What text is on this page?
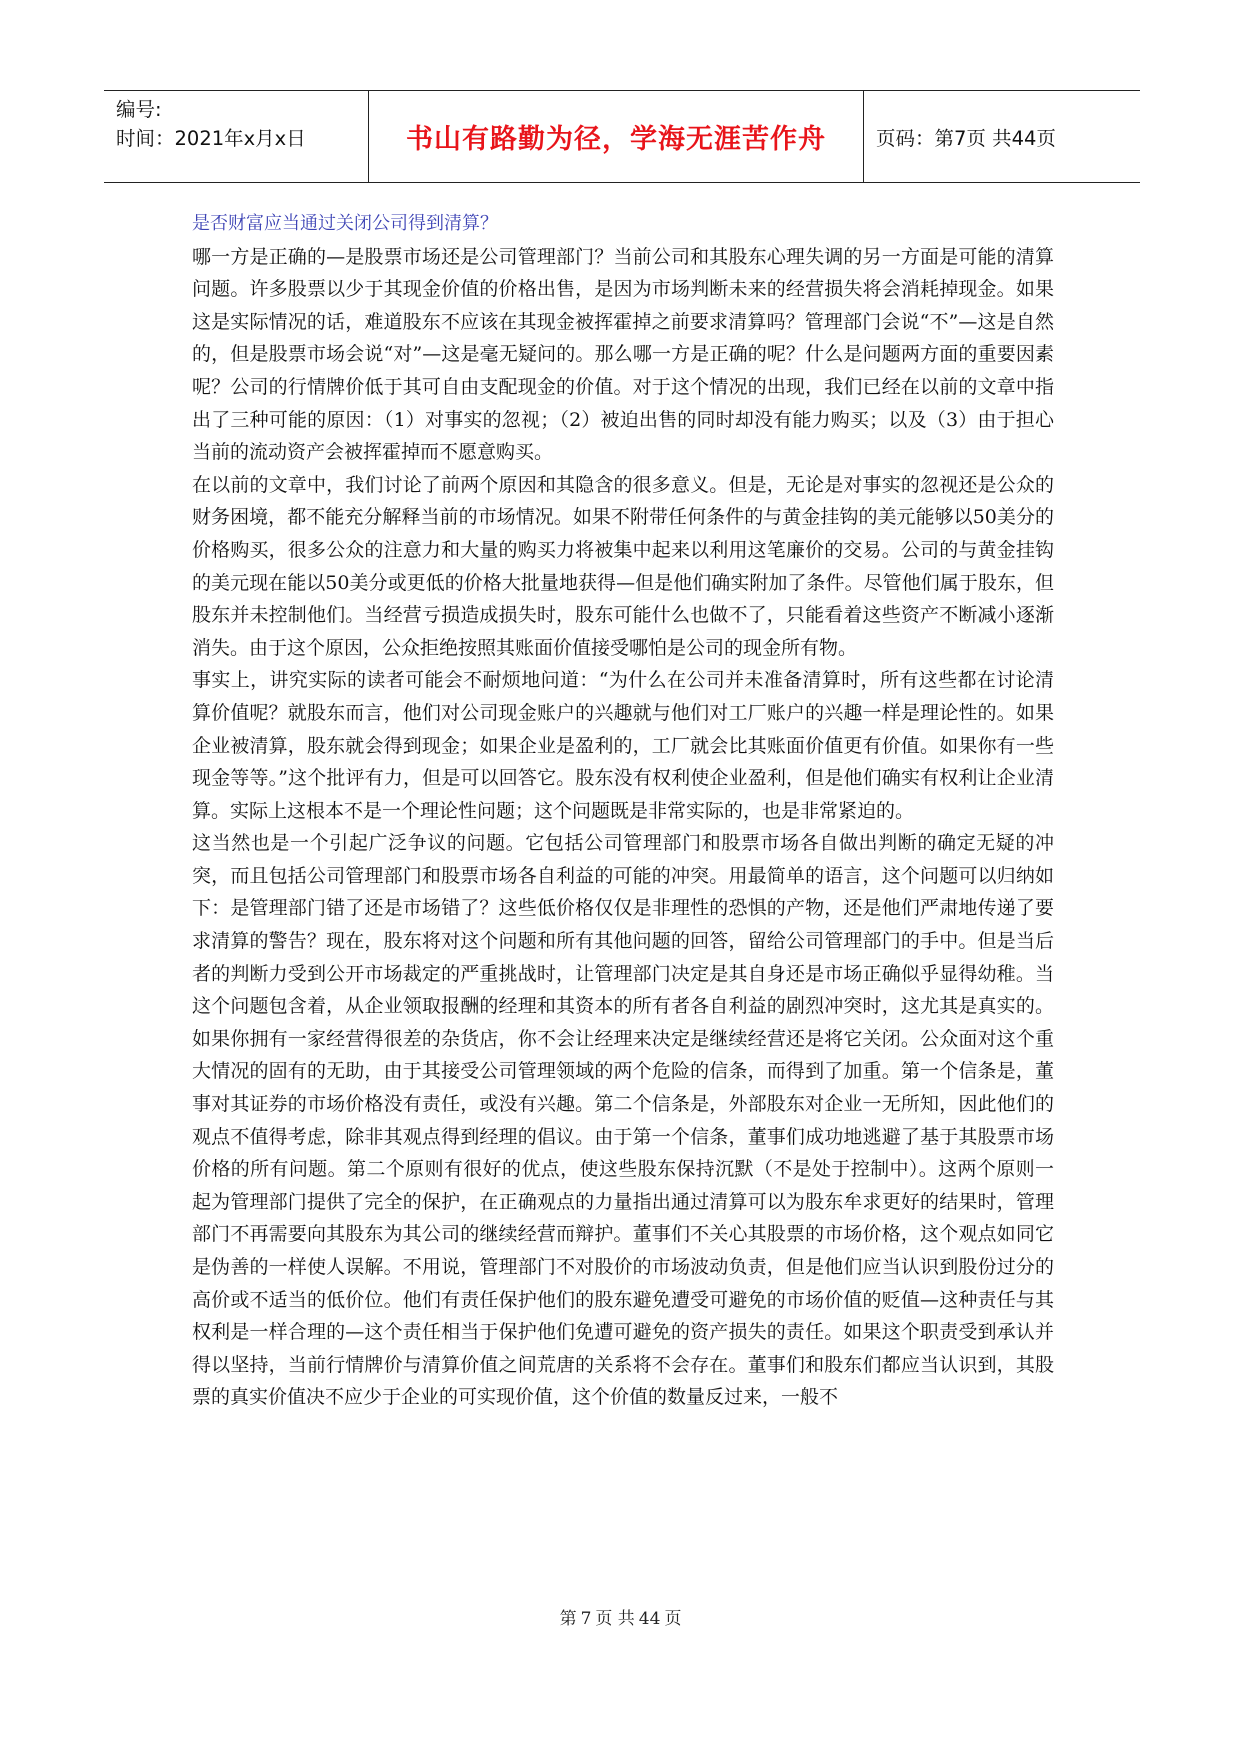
编号:
时间：2021年x月x日	书山有路勤为径，学海无涯苦作舟	页码：第7页 共44页

是否财富应当通过关闭公司得到清算？

哪一方是正确的—是股票市场还是公司管理部门？当前公司和其股东心理失调的另一方面是可能的清算问题。许多股票以少于其现金价值的价格出售，是因为市场判断未来的经营损失将会消耗掉现金。如果这是实际情况的话，难道股东不应该在其现金被挥霍掉之前要求清算吗？管理部门会说“不”—这是自然的，但是股票市场会说“对”—这是毫无疑问的。那么哪一方是正确的呢？什么是问题两方面的重要因素呢？公司的行情牌价低于其可自由支配现金的价值。对于这个情况的出现，我们已经在以前的文章中指出了三种可能的原因：（1）对事实的忽视；（2）被迫出售的同时却没有能力购买；以及（3）由于担心当前的流动资产会被挥霍掉而不愿意购买。

在以前的文章中，我们讨论了前两个原因和其隐含的很多意义。但是，无论是对事实的忽视还是公众的财务困境，都不能充分解释当前的市场情况。如果不附带任何条件的与黄金挂钩的美元能够以50美分的价格购买，很多公众的注意力和大量的购买力将被集中起来以利用这笔廉价的交易。公司的与黄金挂钩的美元现在能以50美分或更低的价格大批量地获得—但是他们确实附加了条件。尽管他们属于股东，但股东并未控制他们。当经营亏损造成损失时，股东可能什么也做不了，只能看着这些资产不断减小逐渐消失。由于这个原因，公众拒绝按照其账面价值接受哪怕是公司的现金所有物。

事实上，讲究实际的读者可能会不耐烦地问道：“为什么在公司并未准备清算时，所有这些都在讨论清算价值呢？就股东而言，他们对公司现金账户的兴趣就与他们对工厂账户的兴趣一样是理论性的。如果企业被清算，股东就会得到现金；如果企业是盈利的，工厂就会比其账面价值更有价值。如果你有一些现金等等。”这个批评有力，但是可以回答它。股东没有权利使企业盈利，但是他们确实有权利让企业清算。实际上这根本不是一个理论性问题；这个问题既是非常实际的，也是非常紧迫的。

这当然也是一个引起广泛争议的问题。它包括公司管理部门和股票市场各自做出判断的确定无疑的冲突，而且包括公司管理部门和股票市场各自利益的可能的冲突。用最简单的语言，这个问题可以归纳如下：是管理部门错了还是市场错了？这些低价格仅仅是非理性的恐惧的产物，还是他们严肃地传递了要求清算的警告？现在，股东将对这个问题和所有其他问题的回答，留给公司管理部门的手中。但是当后者的判断力受到公开市场裁定的严重挑战时，让管理部门决定是其自身还是市场正确似乎显得幼稚。当这个问题包含着，从企业领取报酬的经理和其资本的所有者各自利益的剧烈冲突时，这尤其是真实的。如果你拥有一家经营得很差的杂货店，你不会让经理来决定是继续经营还是将它关闭。公众面对这个重大情况的固有的无助，由于其接受公司管理领域的两个危险的信条，而得到了加重。第一个信条是，董事对其证券的市场价格没有责任，或没有兴趣。第二个信条是，外部股东对企业一无所知，因此他们的观点不值得考虑，除非其观点得到经理的倡议。由于第一个信条，董事们成功地逃避了基于其股票市场价格的所有问题。第二个原则有很好的优点，使这些股东保持沉默（不是处于控制中）。这两个原则一起为管理部门提供了完全的保护，在正确观点的力量指出通过清算可以为股东牟求更好的结果时，管理部门不再需要向其股东为其公司的继续经营而辩护。董事们不关心其股票的市场价格，这个观点如同它是伪善的一样使人误解。不用说，管理部门不对股价的市场波动负责，但是他们应当认识到股份过分的高价或不适当的低价位。他们有责任保护他们的股东避免遭受可避免的市场价值的贬值—这种责任与其权利是一样合理的—这个责任相当于保护他们免遭可避免的资产损失的责任。如果这个职责受到承认并得以坚持，当前行情牌价与清算价值之间荒唐的关系将不会存在。董事们和股东们都应当认识到，其股票的真实价值决不应少于企业的可实现价值，这个价值的数量反过来，一般不

第 7 页 共 44 页
